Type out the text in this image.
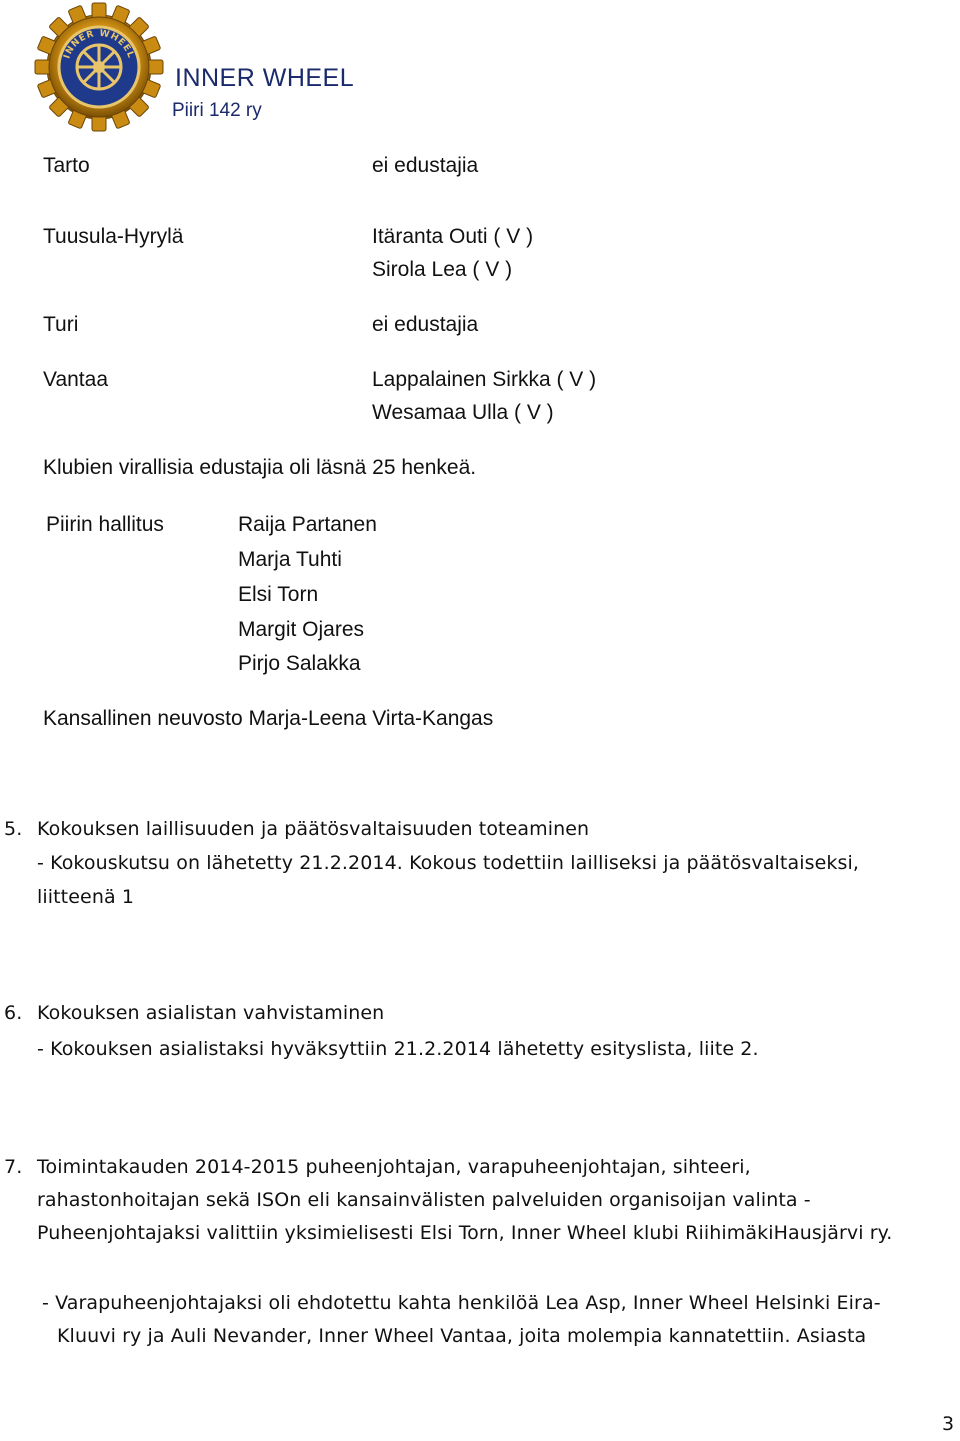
INNER WHEEL
INNER WHEEL
Piiri 142 ry
Tarto	ei edustajia
Tuusula-Hyrylä	Itäranta Outi ( V )
Sirola Lea ( V )
Turi	ei edustajia
Vantaa	Lappalainen Sirkka ( V )
Wesamaa Ulla ( V )
Klubien virallisia edustajia oli läsnä 25 henkeä.
Piirin hallitus	Raija Partanen
Marja Tuhti
Elsi Torn
Margit Ojares
Pirjo Salakka
Kansallinen neuvosto Marja-Leena Virta-Kangas
5. Kokouksen laillisuuden ja päätösvaltaisuuden toteaminen
- Kokouskutsu on lähetetty 21.2.2014. Kokous todettiin lailliseksi ja päätösvaltaiseksi,
liitteenä 1
6. Kokouksen asialistan vahvistaminen
- Kokouksen asialistaksi hyväksyttiin 21.2.2014 lähetetty esityslista, liite 2.
7. Toimintakauden 2014-2015 puheenjohtajan, varapuheenjohtajan, sihteeri,
rahastonhoitajan sekä ISOn eli kansainvälisten palveluiden organisoijan valinta -
Puheenjohtajaksi valittiin yksimielisesti Elsi Torn, Inner Wheel klubi RiihimäkiHausjärvi ry.
- Varapuheenjohtajaksi oli ehdotettu kahta henkilöä Lea Asp, Inner Wheel Helsinki Eira-
Kluuvi ry ja Auli Nevander, Inner Wheel Vantaa, joita molempia kannatettiin. Asiasta
3
